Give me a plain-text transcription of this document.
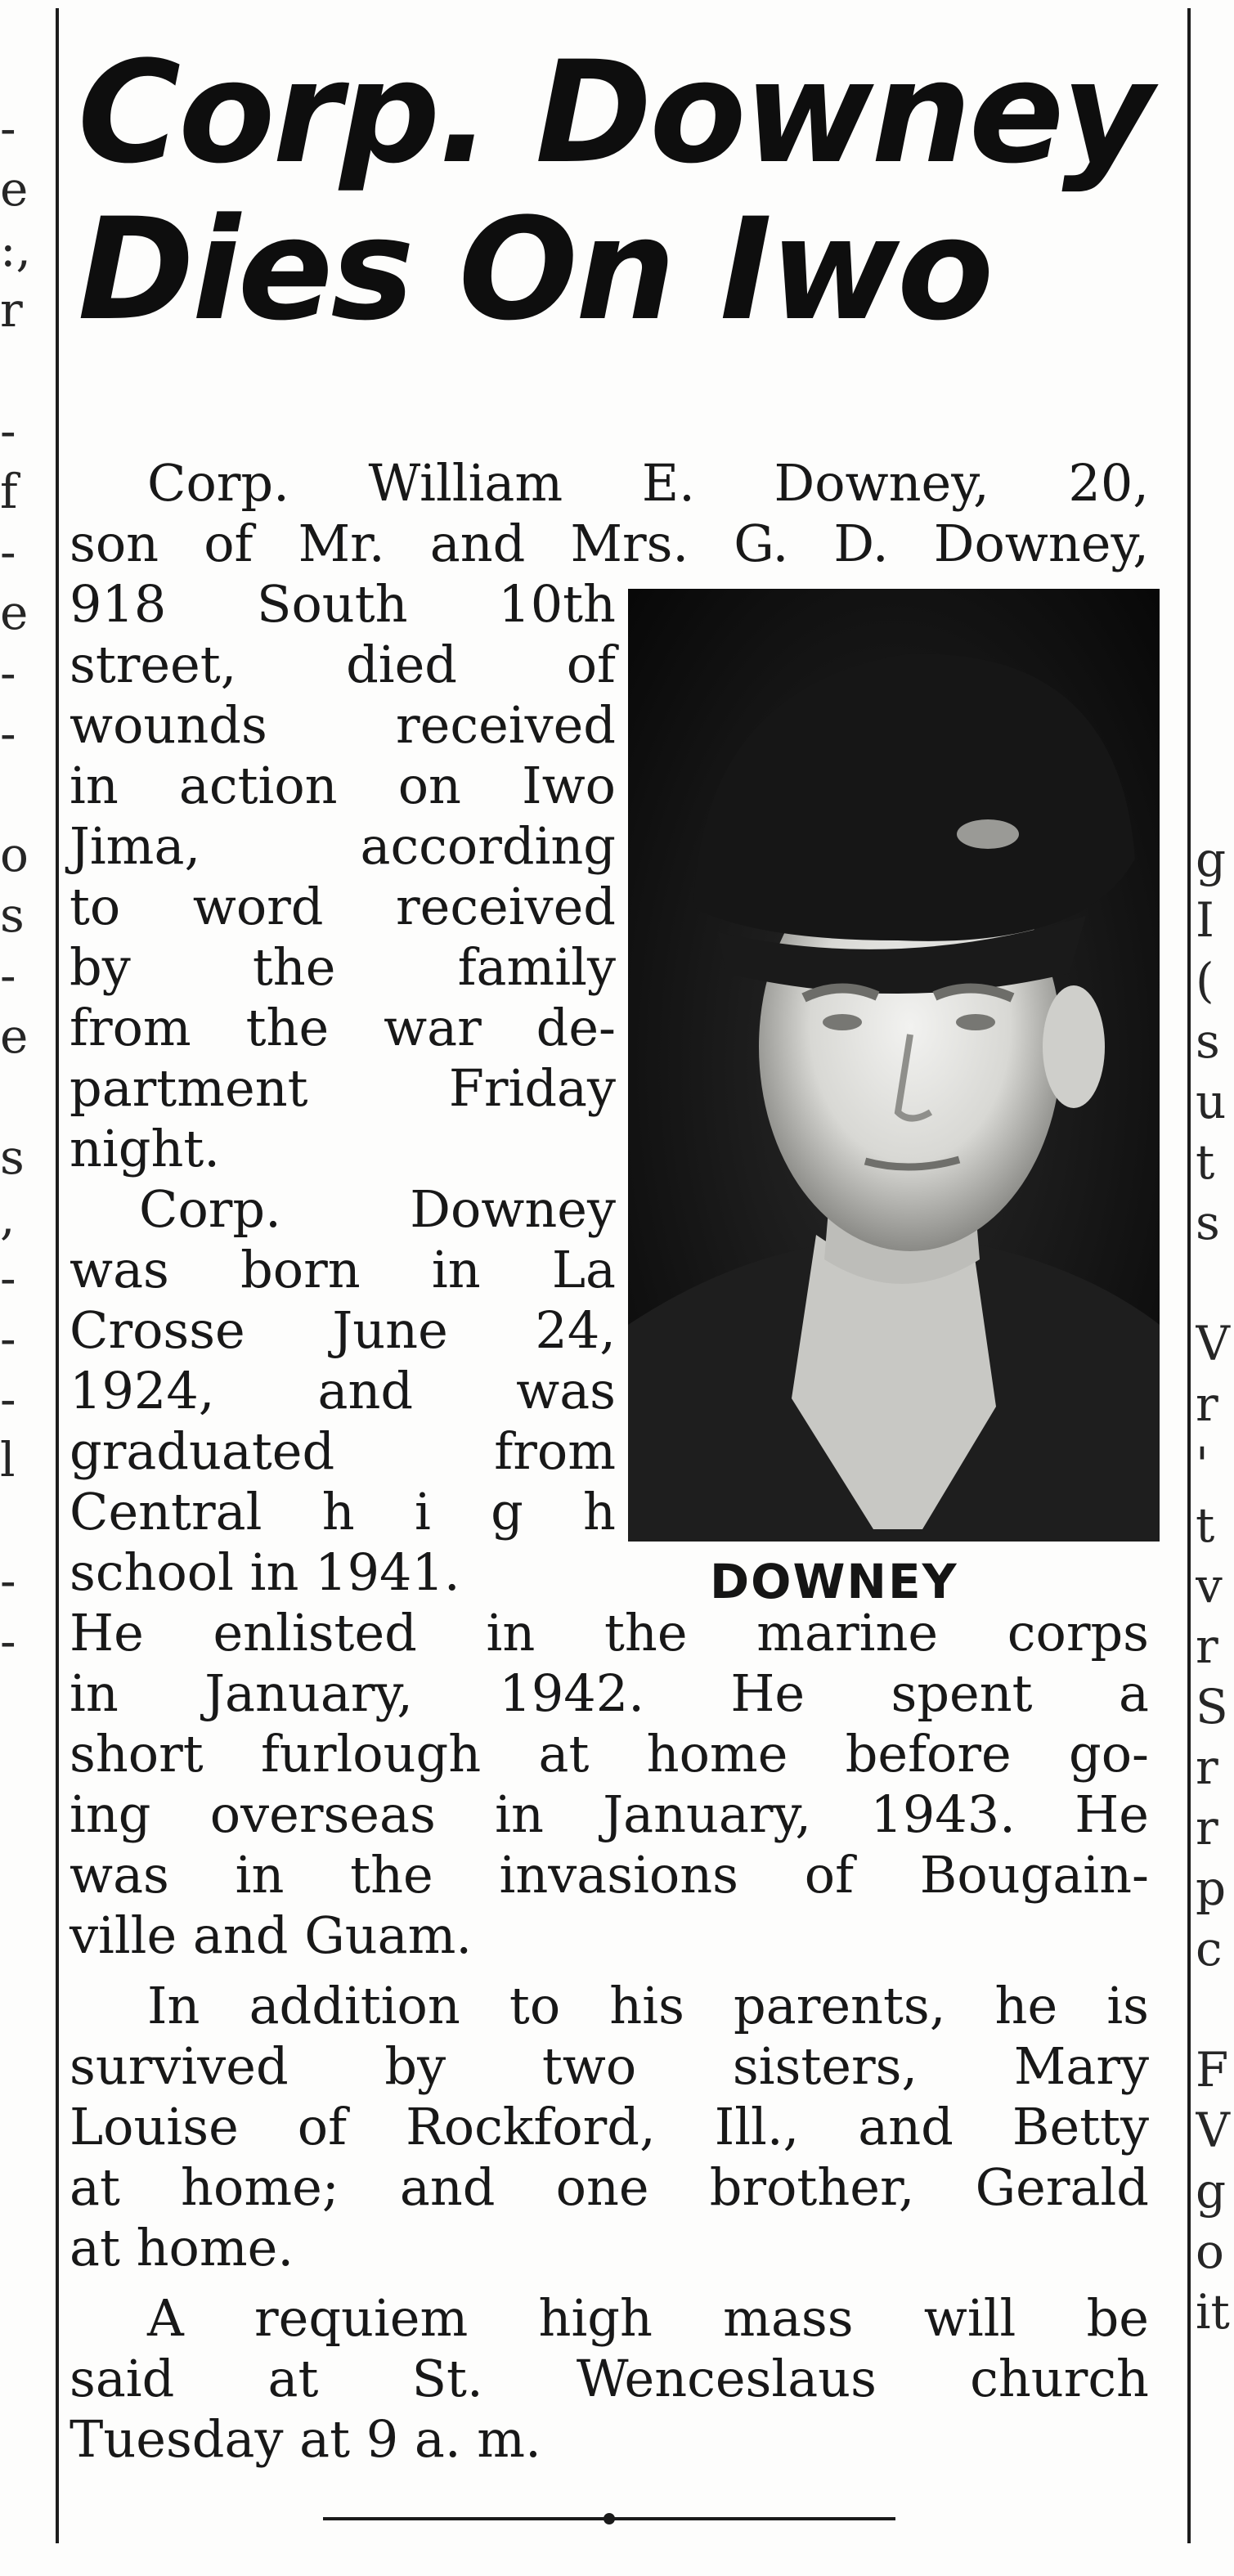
-
e
:,
r

-
f
-
e
-
-

o
s
-
e

s
,
-
-
-
l

-
-

g
I
(
s
u
t
s

V
r
'
t
v
r
S
r
r
p
c

F
V
g
o
it
Corp. Downey
Dies On Iwo
Corp. William E. Downey, 20,
son of Mr. and Mrs. G. D. Downey,
918 South 10th
street, died of
wounds received
in action on Iwo
Jima, according
to word received
by the family
from the war de-
partment Friday
night.
Corp. Downey
was born in La
Crosse June 24,
1924, and was
graduated from
Central h i g h
school in 1941.
He enlisted in the marine corps
in January, 1942. He spent a
short furlough at home before go-
ing overseas in January, 1943. He
was in the invasions of Bougain-
ville and Guam.
In addition to his parents, he is
survived by two sisters, Mary
Louise of Rockford, Ill., and Betty
at home; and one brother, Gerald
at home.
A requiem high mass will be
said at St. Wenceslaus church
Tuesday at 9 a. m.
DOWNEY
